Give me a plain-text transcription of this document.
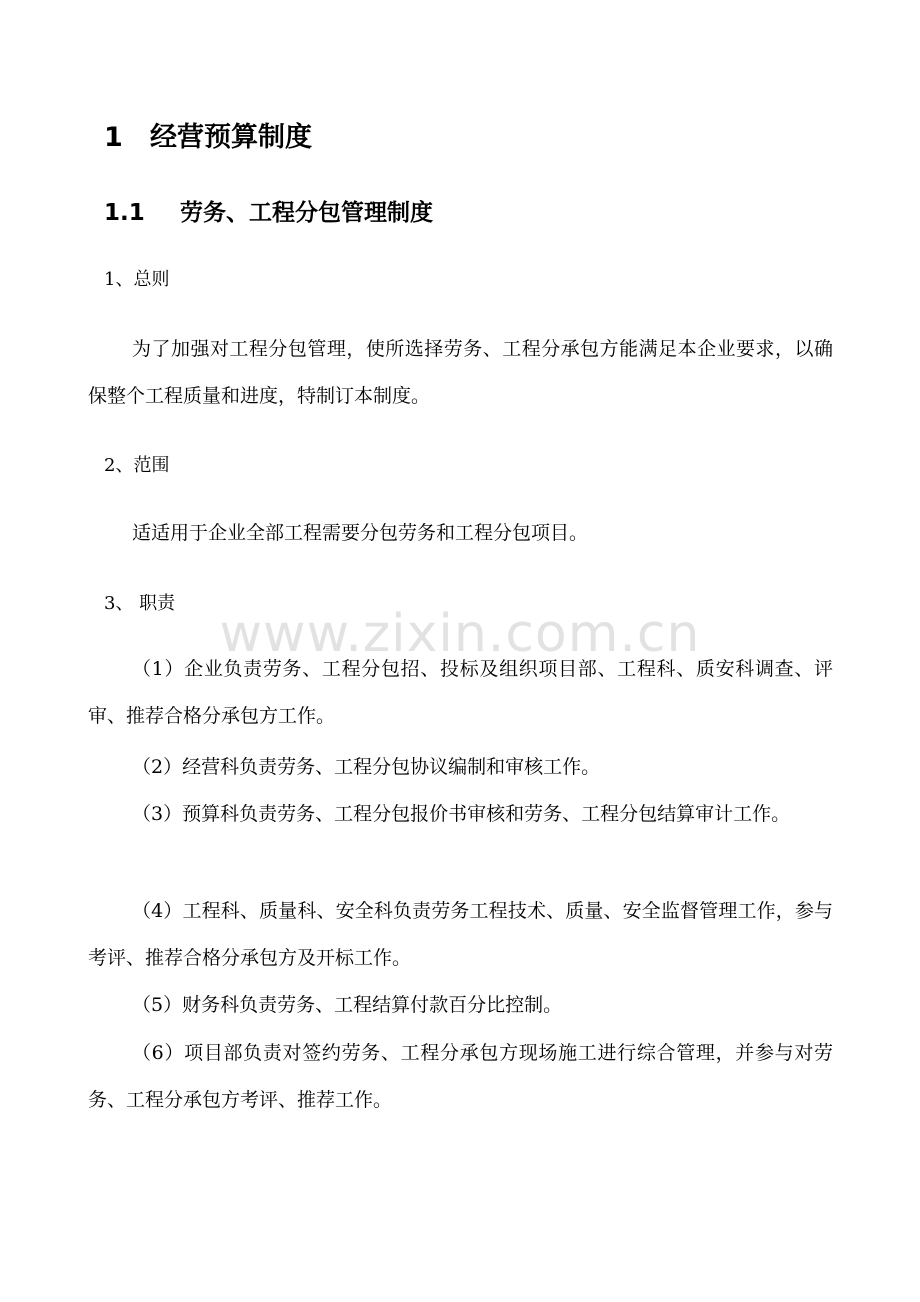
1 经营预算制度
1.1 劳务、工程分包管理制度
1、总则

为了加强对工程分包管理，使所选择劳务、工程分承包方能满足本企业要求，以确保整个工程质量和进度，特制订本制度。

2、范围

适适用于企业全部工程需要分包劳务和工程分包项目。

3、 职责

（1）企业负责劳务、工程分包招、投标及组织项目部、工程科、质安科调查、评审、推荐合格分承包方工作。

（2）经营科负责劳务、工程分包协议编制和审核工作。

（3）预算科负责劳务、工程分包报价书审核和劳务、工程分包结算审计工作。

（4）工程科、质量科、安全科负责劳务工程技术、质量、安全监督管理工作，参与考评、推荐合格分承包方及开标工作。

（5）财务科负责劳务、工程结算付款百分比控制。

（6）项目部负责对签约劳务、工程分承包方现场施工进行综合管理，并参与对劳务、工程分承包方考评、推荐工作。

www.zixin.com.cn
